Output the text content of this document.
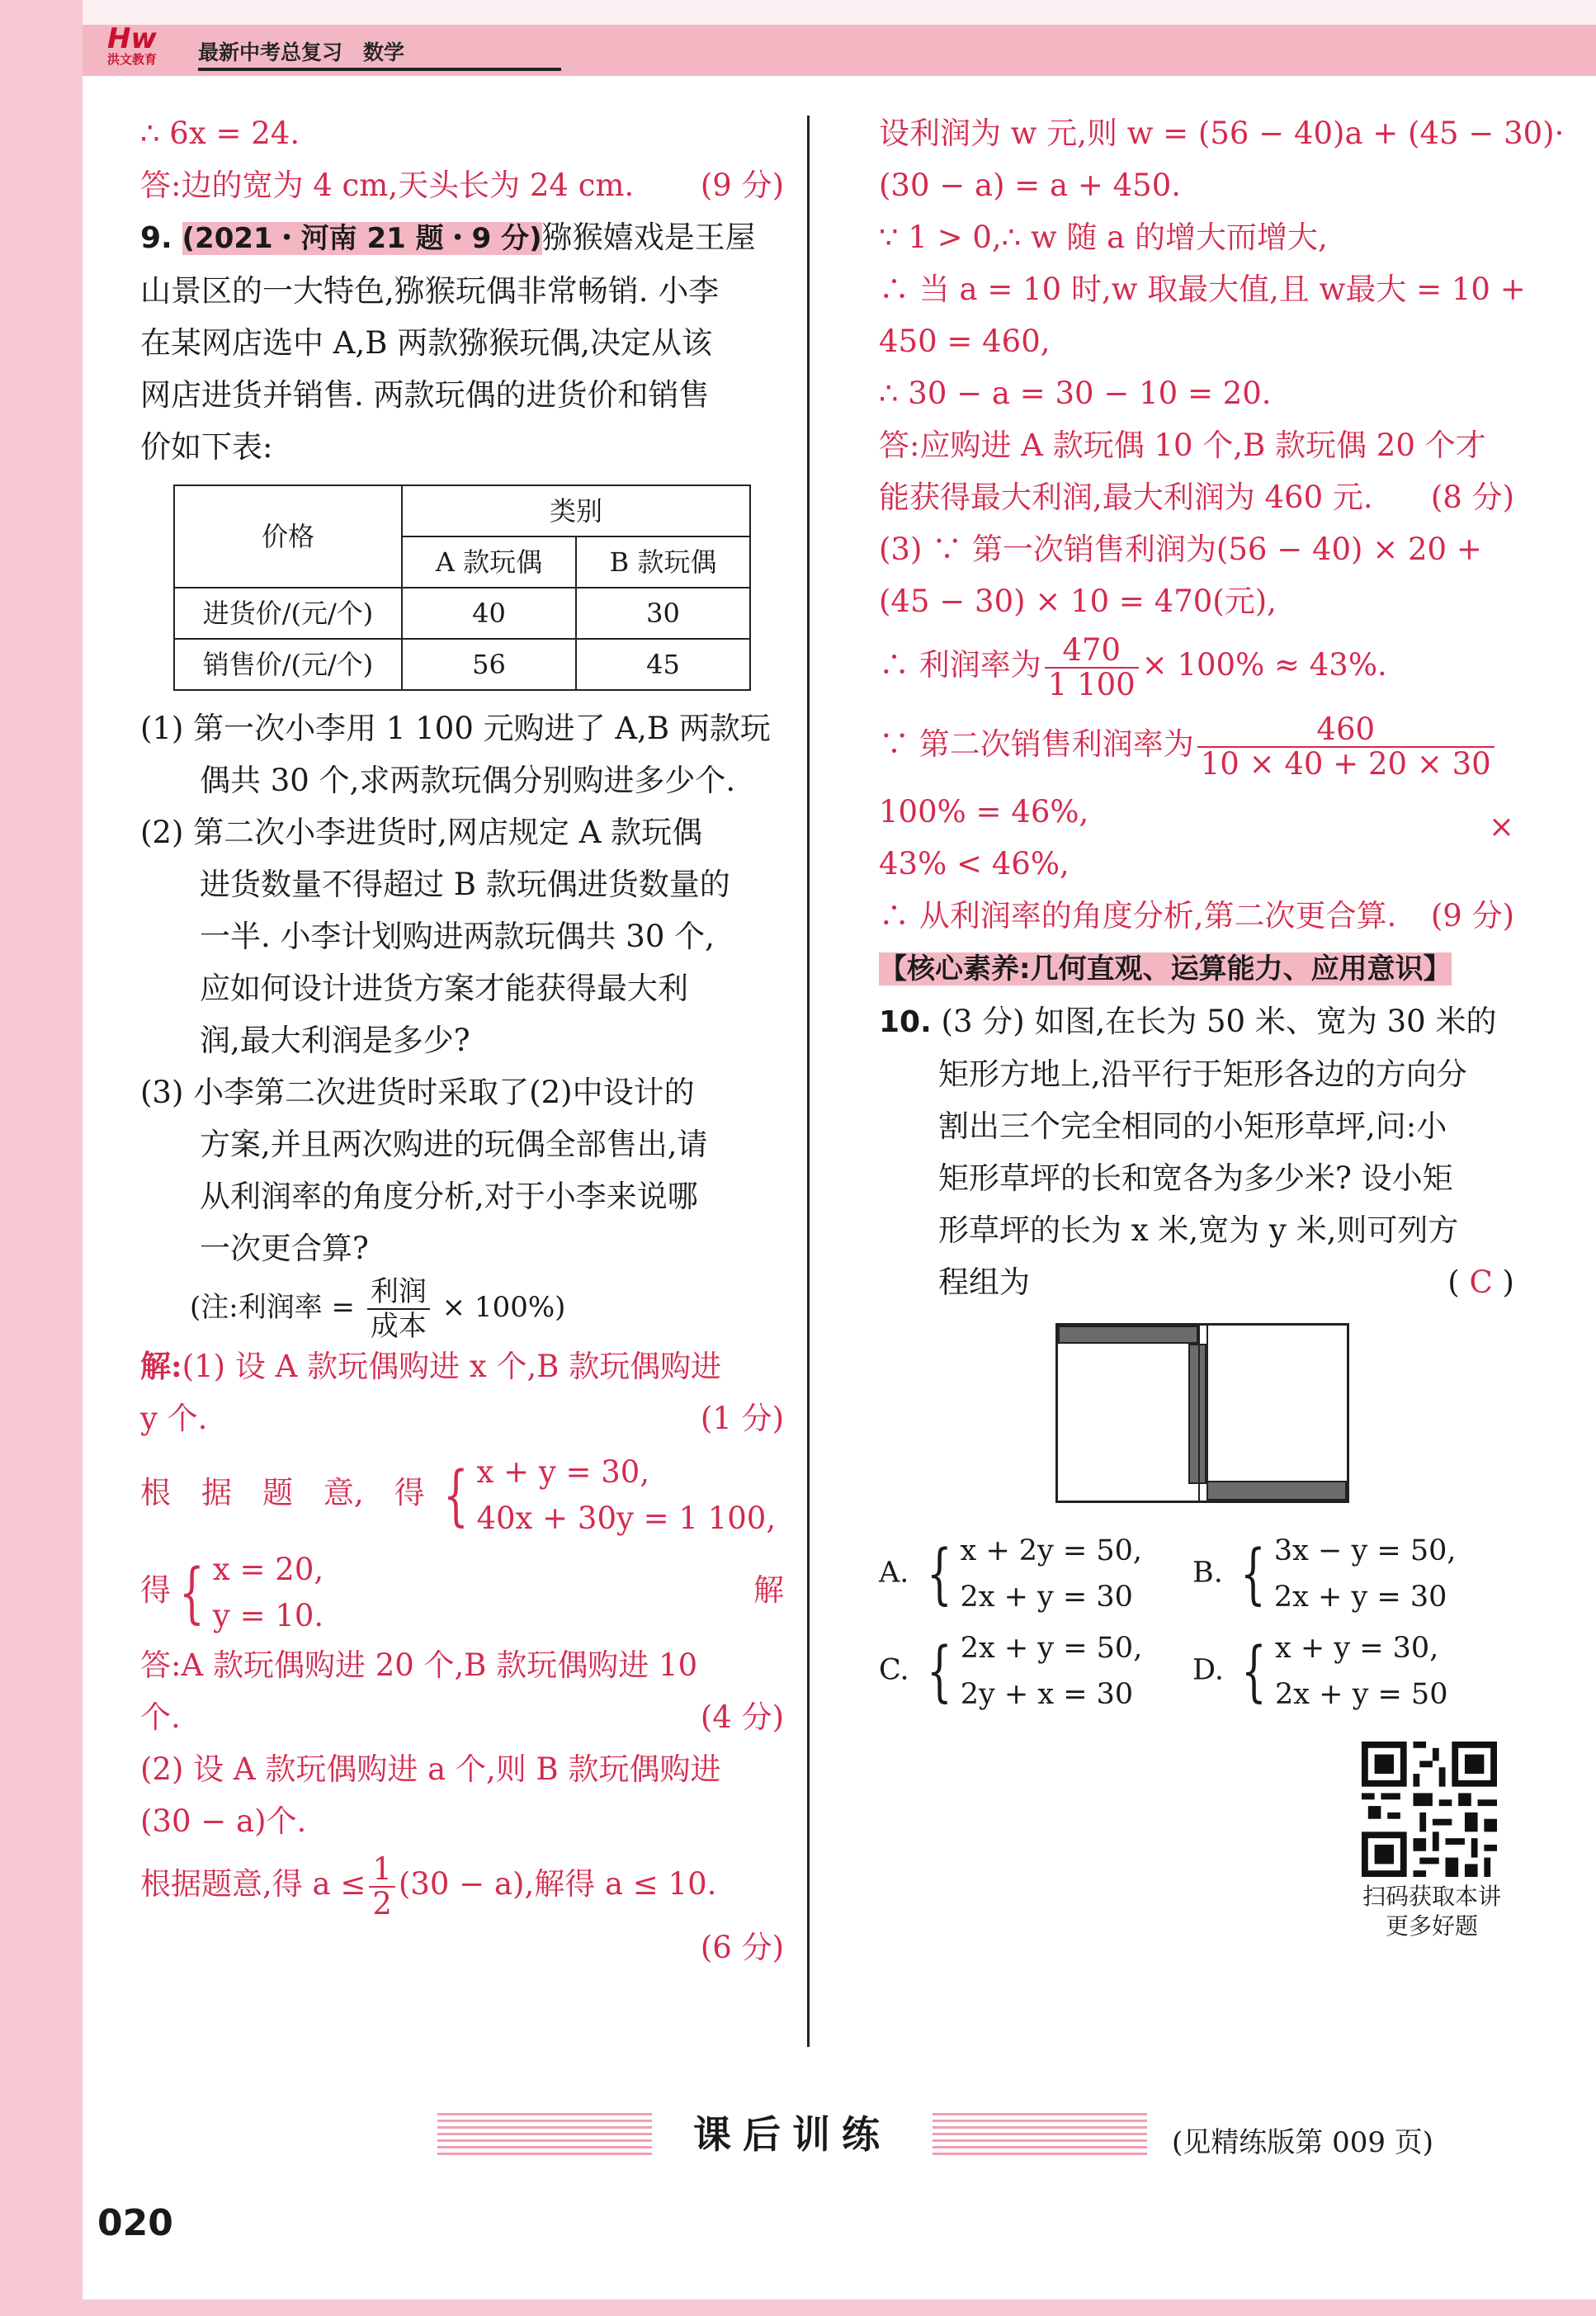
Hw
洪文教育 最新中考总复习　数学
∴ 6x = 24.
答:边的宽为 4 cm,天头长为 24 cm. (9 分)
9. (2021・河南 21 题・9 分)猕猴嬉戏是王屋
山景区的一大特色,猕猴玩偶非常畅销. 小李
在某网店选中 A,B 两款猕猴玩偶,决定从该
网店进货并销售. 两款玩偶的进货价和销售
价如下表:
价格	类别	
	A 款玩偶	B 款玩偶
进货价/(元/个)	40	30
销售价/(元/个)	56	45
(1) 第一次小李用 1 100 元购进了 A,B 两款玩
偶共 30 个,求两款玩偶分别购进多少个.
(2) 第二次小李进货时,网店规定 A 款玩偶
进货数量不得超过 B 款玩偶进货数量的
一半. 小李计划购进两款玩偶共 30 个,
应如何设计进货方案才能获得最大利
润,最大利润是多少?
(3) 小李第二次进货时采取了(2)中设计的
方案,并且两次购进的玩偶全部售出,请
从利润率的角度分析,对于小李来说哪
一次更合算?
(注:利润率 = $\frac{\text{利润}}{\text{成本}} \times 100\%$)
解:(1) 设 A 款玩偶购进 x 个,B 款玩偶购进
y 个.	(1 分)
根　据　题　意,　得 { x + y = 30,
40x + 30y = 1 100,
解
得 { x = 20,
y = 10.
答:A 款玩偶购进 20 个,B 款玩偶购进 10
个.	(4 分)
(2) 设 A 款玩偶购进 a 个,则 B 款玩偶购进
(30 − a)个.
根据题意,得 $a \le \frac{1}{2} (30 - a)$,解得 a ≤ 10.
(6 分)
设利润为 w 元,则 w = (56 − 40)a + (45 − 30)·
(30 − a) = a + 450.
∵ 1 > 0,∴ w 随 a 的增大而增大,
∴ 当 a = 10 时,w 取最大值,且 w最大 = 10 +
450 = 460,
∴ 30 − a = 30 − 10 = 20.
答:应购进 A 款玩偶 10 个,B 款玩偶 20 个才
能获得最大利润,最大利润为 460 元. (8 分)
(3) ∵ 第一次销售利润为(56 − 40) × 20 +
(45 − 30) × 10 = 470(元),
∴ 利润率为 $\frac{470}{1 100} \times 100\% \approx 43\%$.
∵ 第二次销售利润率为 $\frac{460}{10 \times 40 + 20 \times 30}$
×
100% = 46%,
43% < 46%,
∴ 从利润率的角度分析,第二次更合算. (9 分)
【核心素养:几何直观、运算能力、应用意识】
10. (3 分) 如图,在长为 50 米、宽为 30 米的
矩形方地上,沿平行于矩形各边的方向分
割出三个完全相同的小矩形草坪,问:小
矩形草坪的长和宽各为多少米? 设小矩
形草坪的长为 x 米,宽为 y 米,则可列方
程组为	( C )
A. { x + 2y = 50,
2x + y = 30
B. { 3x − y = 50,
2x + y = 30
C. { 2x + y = 50,
2y + x = 30
D. { x + y = 30,
2x + y = 50
扫码获取本讲
更多好题
课后训练	(见精练版第 009 页)
020
